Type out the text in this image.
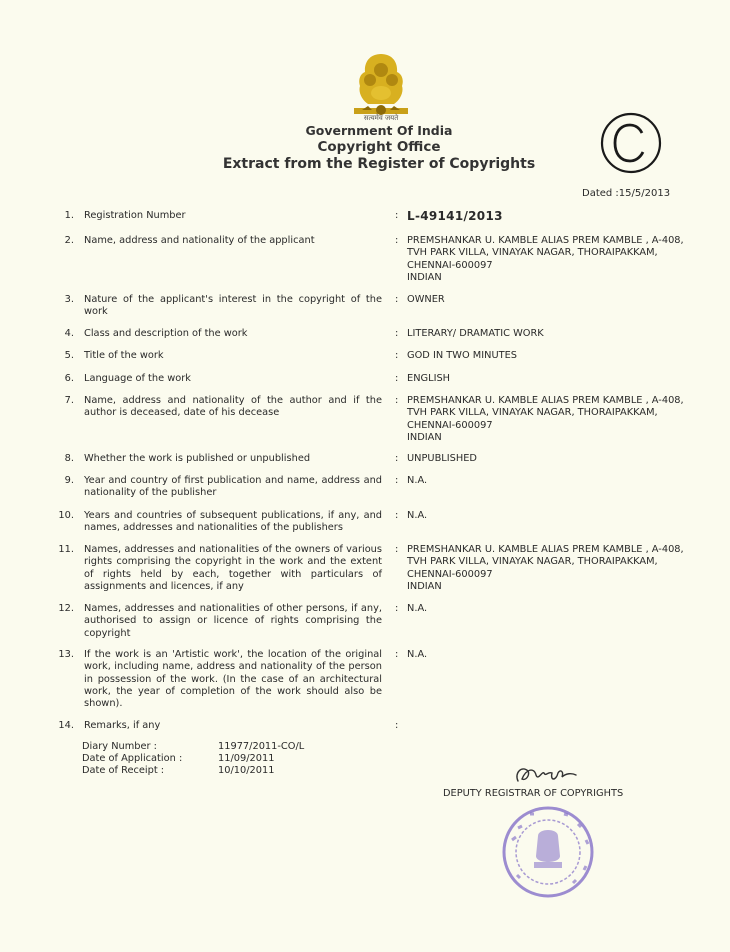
सत्यमेव जयते
Government Of India
Copyright Office
Extract from the Register of Copyrights
Dated :15/5/2013
1. Registration Number	: L-49141/2013
2. Name, address and nationality of the applicant	: PREMSHANKAR U. KAMBLE ALIAS PREM KAMBLE , A-408,
TVH PARK VILLA, VINAYAK NAGAR, THORAIPAKKAM,
CHENNAI-600097
INDIAN
3. Nature of the applicant's interest in the copyright of the work
: OWNER
4. Class and description of the work	: LITERARY/ DRAMATIC WORK
5. Title of the work	: GOD IN TWO MINUTES
6. Language of the work	: ENGLISH
7. Name, address and nationality of the author and if the author is deceased, date of his decease
: PREMSHANKAR U. KAMBLE ALIAS PREM KAMBLE , A-408,
TVH PARK VILLA, VINAYAK NAGAR, THORAIPAKKAM,
CHENNAI-600097
INDIAN
8. Whether the work is published or unpublished	: UNPUBLISHED
9. Year and country of first publication and name, address and nationality of the publisher
: N.A.
10. Years and countries of subsequent publications, if any, and names, addresses and nationalities of the publishers
: N.A.
11. Names, addresses and nationalities of the owners of various rights comprising the copyright in the work and the extent of rights held by each, together with particulars of assignments and licences, if any
: PREMSHANKAR U. KAMBLE ALIAS PREM KAMBLE , A-408,
TVH PARK VILLA, VINAYAK NAGAR, THORAIPAKKAM,
CHENNAI-600097
INDIAN
12. Names, addresses and nationalities of other persons, if any, authorised to assign or licence of rights comprising the copyright
: N.A.
13. If the work is an 'Artistic work', the location of the original work, including name, address and nationality of the person in possession of the work. (In the case of an architectural work, the year of completion of the work should also be shown).
: N.A.
14. Remarks, if any	:
Diary Number :	11977/2011-CO/L
Date of Application :	11/09/2011
Date of Receipt :	10/10/2011
DEPUTY REGISTRAR OF COPYRIGHTS
